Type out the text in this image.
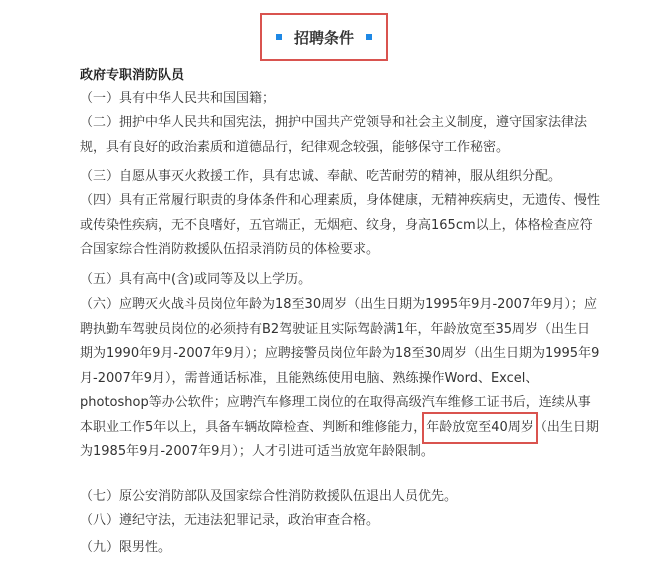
招聘条件
政府专职消防队员
（一）具有中华人民共和国国籍；
（二）拥护中华人民共和国宪法，拥护中国共产党领导和社会主义制度，遵守国家法律法规，具有良好的政治素质和道德品行，纪律观念较强，能够保守工作秘密。
（三）自愿从事灭火救援工作，具有忠诚、奉献、吃苦耐劳的精神，服从组织分配。
（四）具有正常履行职责的身体条件和心理素质，身体健康，无精神疾病史，无遗传、慢性或传染性疾病，无不良嗜好，五官端正，无烟疤、纹身，身高165cm以上，体格检查应符合国家综合性消防救援队伍招录消防员的体检要求。
（五）具有高中(含)或同等及以上学历。
（六）应聘灭火战斗员岗位年龄为18至30周岁（出生日期为1995年9月-2007年9月）；应聘执勤车驾驶员岗位的必须持有B2驾驶证且实际驾龄满1年，年龄放宽至35周岁（出生日期为1990年9月-2007年9月）；应聘接警员岗位年龄为18至30周岁（出生日期为1995年9月-2007年9月），需普通话标准，且能熟练使用电脑、熟练操作Word、Excel、photoshop等办公软件；应聘汽车修理工岗位的在取得高级汽车维修工证书后，连续从事本职业工作5年以上，具备车辆故障检查、判断和维修能力，年龄放宽至40周岁（出生日期为1985年9月-2007年9月）；人才引进可适当放宽年龄限制。
（七）原公安消防部队及国家综合性消防救援队伍退出人员优先。
（八）遵纪守法，无违法犯罪记录，政治审查合格。
（九）限男性。
